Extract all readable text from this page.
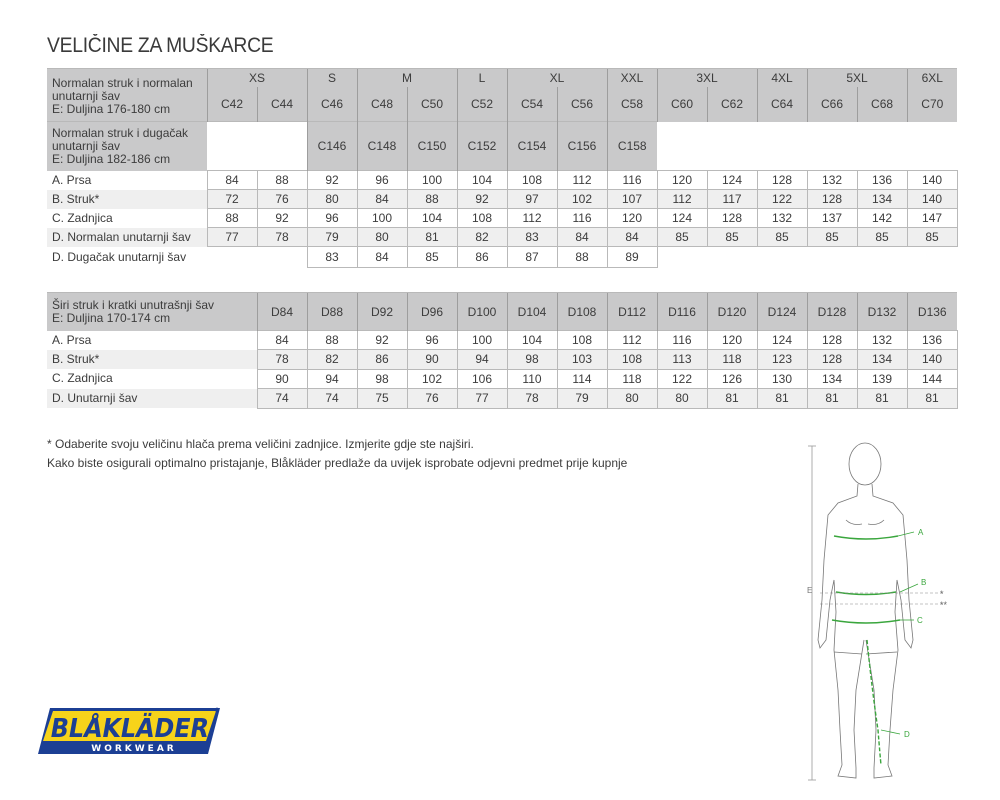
VELIČINE ZA MUŠKARCE
Normalan struk i normalan unutarnji šav
E: Duljina 176-180 cm	XS		S	M		L	XL		XXL	3XL		4XL	5XL		6XL
	C42	C44	C46	C48	C50	C52	C54	C56	C58	C60	C62	C64	C66	C68	C70
Normalan struk i dugačak unutarnji šav
E: Duljina 182-186 cm			C146	C148	C150	C152	C154	C156	C158						
A. Prsa	84	88	92	96	100	104	108	112	116	120	124	128	132	136	140
B. Struk*	72	76	80	84	88	92	97	102	107	112	117	122	128	134	140
C. Zadnjica	88	92	96	100	104	108	112	116	120	124	128	132	137	142	147
D. Normalan unutarnji šav	77	78	79	80	81	82	83	84	84	85	85	85	85	85	85
D. Dugačak unutarnji šav			83	84	85	86	87	88	89						
Širi struk i kratki unutrašnji šav
E: Duljina 170-174 cm	D84	D88	D92	D96	D100	D104	D108	D112	D116	D120	D124	D128	D132	D136
A. Prsa	84	88	92	96	100	104	108	112	116	120	124	128	132	136
B. Struk*	78	82	86	90	94	98	103	108	113	118	123	128	134	140
C. Zadnjica	90	94	98	102	106	110	114	118	122	126	130	134	139	144
D. Unutarnji šav	74	74	75	76	77	78	79	80	80	81	81	81	81	81
* Odaberite svoju veličinu hlača prema veličini zadnjice. Izmjerite gdje ste najširi.
Kako biste osigurali optimalno pristajanje, Blåkläder predlaže da uvijek isprobate odjevni predmet prije kupnje
BLÅKLÄDER
WORKWEAR
®
E
A
B
*
**
C
D
